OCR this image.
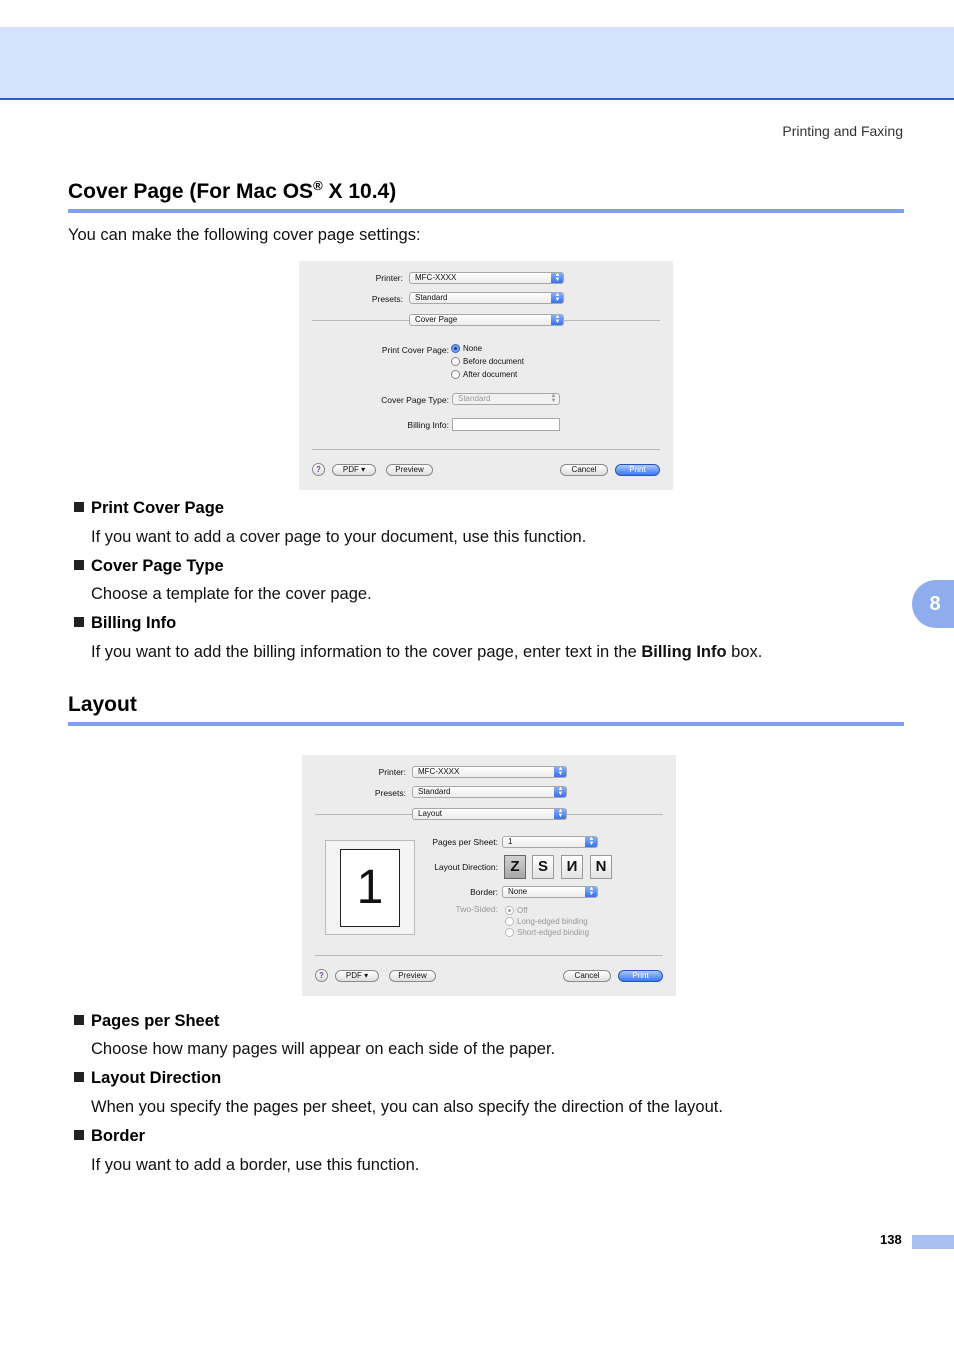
Printing and Faxing
Cover Page (For Mac OS® X 10.4)
You can make the following cover page settings:
Printer:	MFC-XXXX	▲
▼
Presets:	Standard	▲
▼
Cover Page	▲
▼
Print Cover Page:	None
Before document
After document
Cover Page Type:	Standard	▲
▼
Billing Info:
?	PDF ▾	Preview	Cancel	Print
Print Cover Page
If you want to add a cover page to your document, use this function.
Cover Page Type
Choose a template for the cover page.
Billing Info
If you want to add the billing information to the cover page, enter text in the Billing Info box.
Layout
Printer:	MFC-XXXX	▲
▼
Presets:	Standard	▲
▼
Layout	▲
▼
1
Pages per Sheet:	1	▲
▼
Layout Direction: Z	S	И	N
Border:	None	▲
▼
Two-Sided:	Off
Long-edged binding
Short-edged binding
?	PDF ▾	Preview	Cancel	Print
Pages per Sheet
Choose how many pages will appear on each side of the paper.
Layout Direction
When you specify the pages per sheet, you can also specify the direction of the layout.
Border
If you want to add a border, use this function.
8
138
